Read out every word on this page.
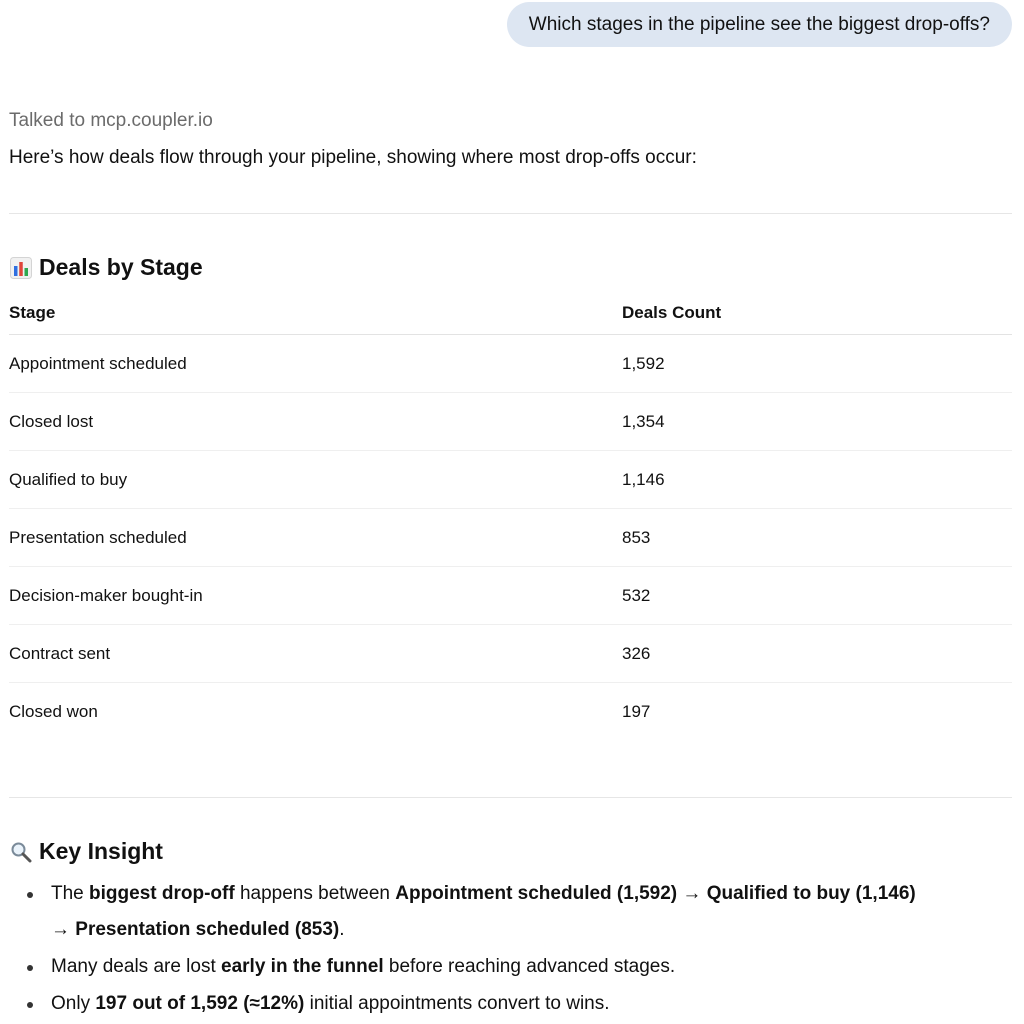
Which stages in the pipeline see the biggest drop-offs?
Talked to mcp.coupler.io
Here’s how deals flow through your pipeline, showing where most drop-offs occur:
Deals by Stage
Stage	Deals Count
Appointment scheduled	1,592
Closed lost	1,354
Qualified to buy	1,146
Presentation scheduled	853
Decision-maker bought-in	532
Contract sent	326
Closed won	197
Key Insight
The biggest drop-off happens between Appointment scheduled (1,592) → Qualified to buy (1,146)
→ Presentation scheduled (853).
Many deals are lost early in the funnel before reaching advanced stages.
Only 197 out of 1,592 (≈12%) initial appointments convert to wins.
